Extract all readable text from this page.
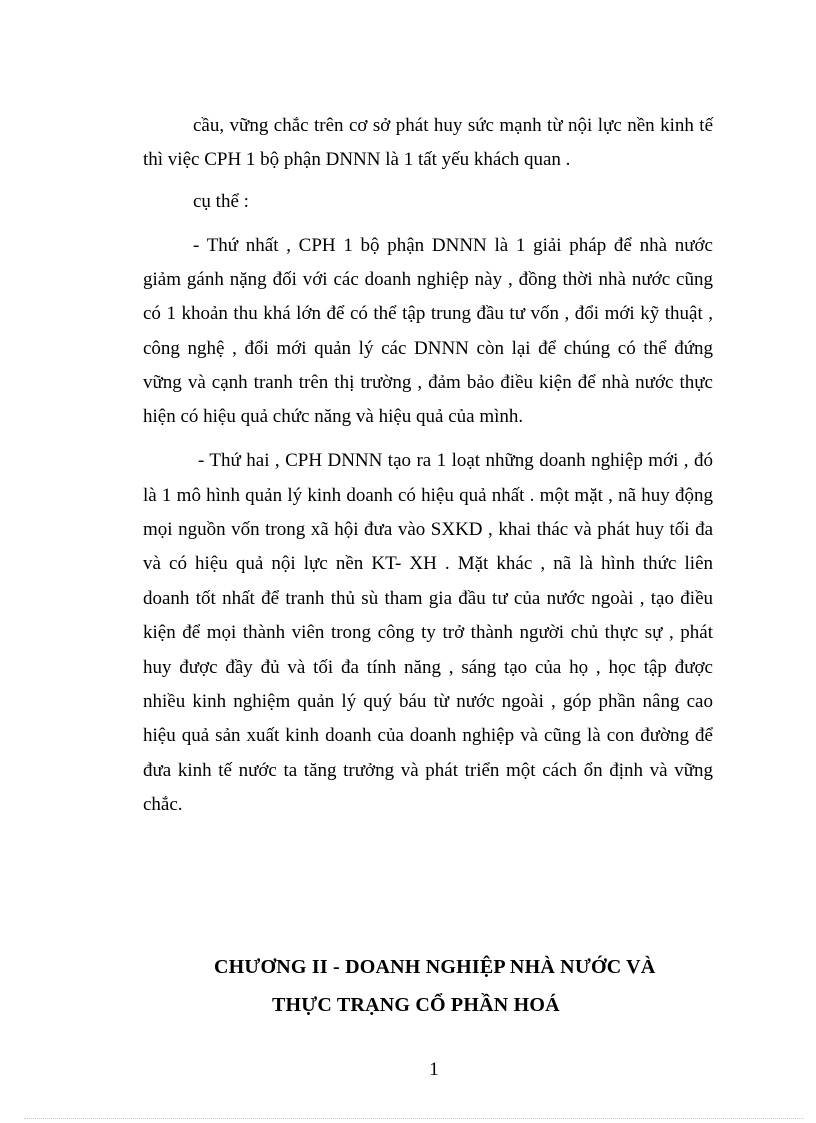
cầu, vững chắc trên cơ sở phát huy sức mạnh từ nội lực nền kinh tế
thì việc CPH 1 bộ phận DNNN là 1 tất yếu khách quan .
cụ thể :
- Thứ nhất , CPH 1 bộ phận DNNN là 1 giải pháp để nhà nước
giảm gánh nặng đối với các doanh nghiệp này , đồng thời nhà nước cũng
có 1 khoản thu khá lớn để có thể tập trung đầu tư vốn , đổi mới kỹ thuật ,
công nghệ , đổi mới quản lý các DNNN còn lại để chúng có thể đứng
vững và cạnh tranh trên thị trường , đảm bảo điều kiện để nhà nước thực
hiện có hiệu quả chức năng và hiệu quả của mình.
- Thứ hai , CPH DNNN tạo ra 1 loạt những doanh nghiệp mới , đó
là 1 mô hình quản lý kinh doanh có hiệu quả nhất . một mặt , nã huy động
mọi nguồn vốn trong xã hội đưa vào SXKD , khai thác và phát huy tối đa
và có hiệu quả nội lực nền KT- XH . Mặt khác , nã là hình thức liên
doanh tốt nhất để tranh thủ sù tham gia đầu tư của nước ngoài , tạo điều
kiện để mọi thành viên trong công ty trở thành người chủ thực sự , phát
huy được đầy đủ và tối đa tính năng , sáng tạo của họ , học tập được
nhiều kinh nghiệm quản lý quý báu từ nước ngoài , góp phần nâng cao
hiệu quả sản xuất kinh doanh của doanh nghiệp và cũng là con đường để
đưa kinh tế nước ta tăng trưởng và phát triển một cách ổn định và vững
chắc.
CHƯƠNG II - DOANH NGHIỆP NHÀ NƯỚC VÀ
THỰC TRẠNG CỔ PHẦN HOÁ
1
